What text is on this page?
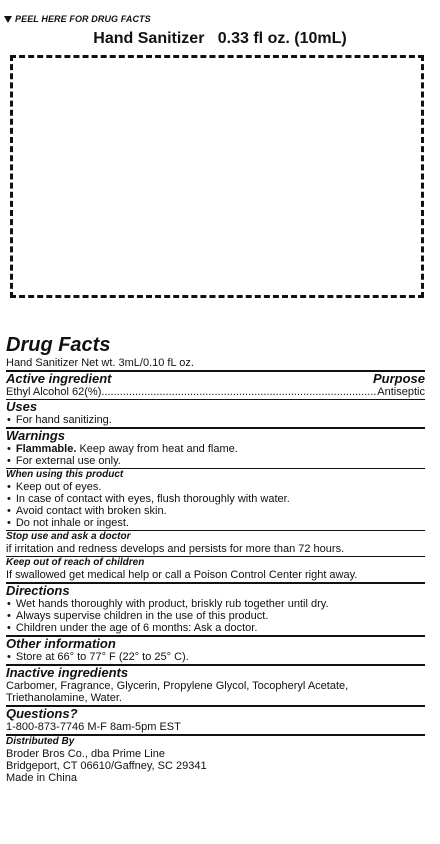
PEEL HERE FOR DRUG FACTS
Hand Sanitizer   0.33 fl oz. (10mL)
Drug Facts
Hand Sanitizer Net wt. 3mL/0.10 fL oz.
Active ingredient	Purpose
Ethyl Alcohol 62(%)
.....	Antiseptic
Uses
• For hand sanitizing.
Warnings
• Flammable. Keep away from heat and flame.
• For external use only.
When using this product
• Keep out of eyes.
• In case of contact with eyes, flush thoroughly with water.
• Avoid contact with broken skin.
• Do not inhale or ingest.
Stop use and ask a doctor
if irritation and redness develops and persists for more than 72 hours.
Keep out of reach of children
If swallowed get medical help or call a Poison Control Center right away.
Directions
• Wet hands thoroughly with product, briskly rub together until dry.
• Always supervise children in the use of this product.
• Children under the age of 6 months: Ask a doctor.
Other information
• Store at 66° to 77° F (22° to 25° C).
Inactive ingredients
Carbomer, Fragrance, Glycerin, Propylene Glycol, Tocopheryl Acetate,
Triethanolamine, Water.
Questions?
1-800-873-7746 M-F 8am-5pm EST
Distributed By
Broder Bros Co., dba Prime Line
Bridgeport, CT 06610/Gaffney, SC 29341
Made in China
